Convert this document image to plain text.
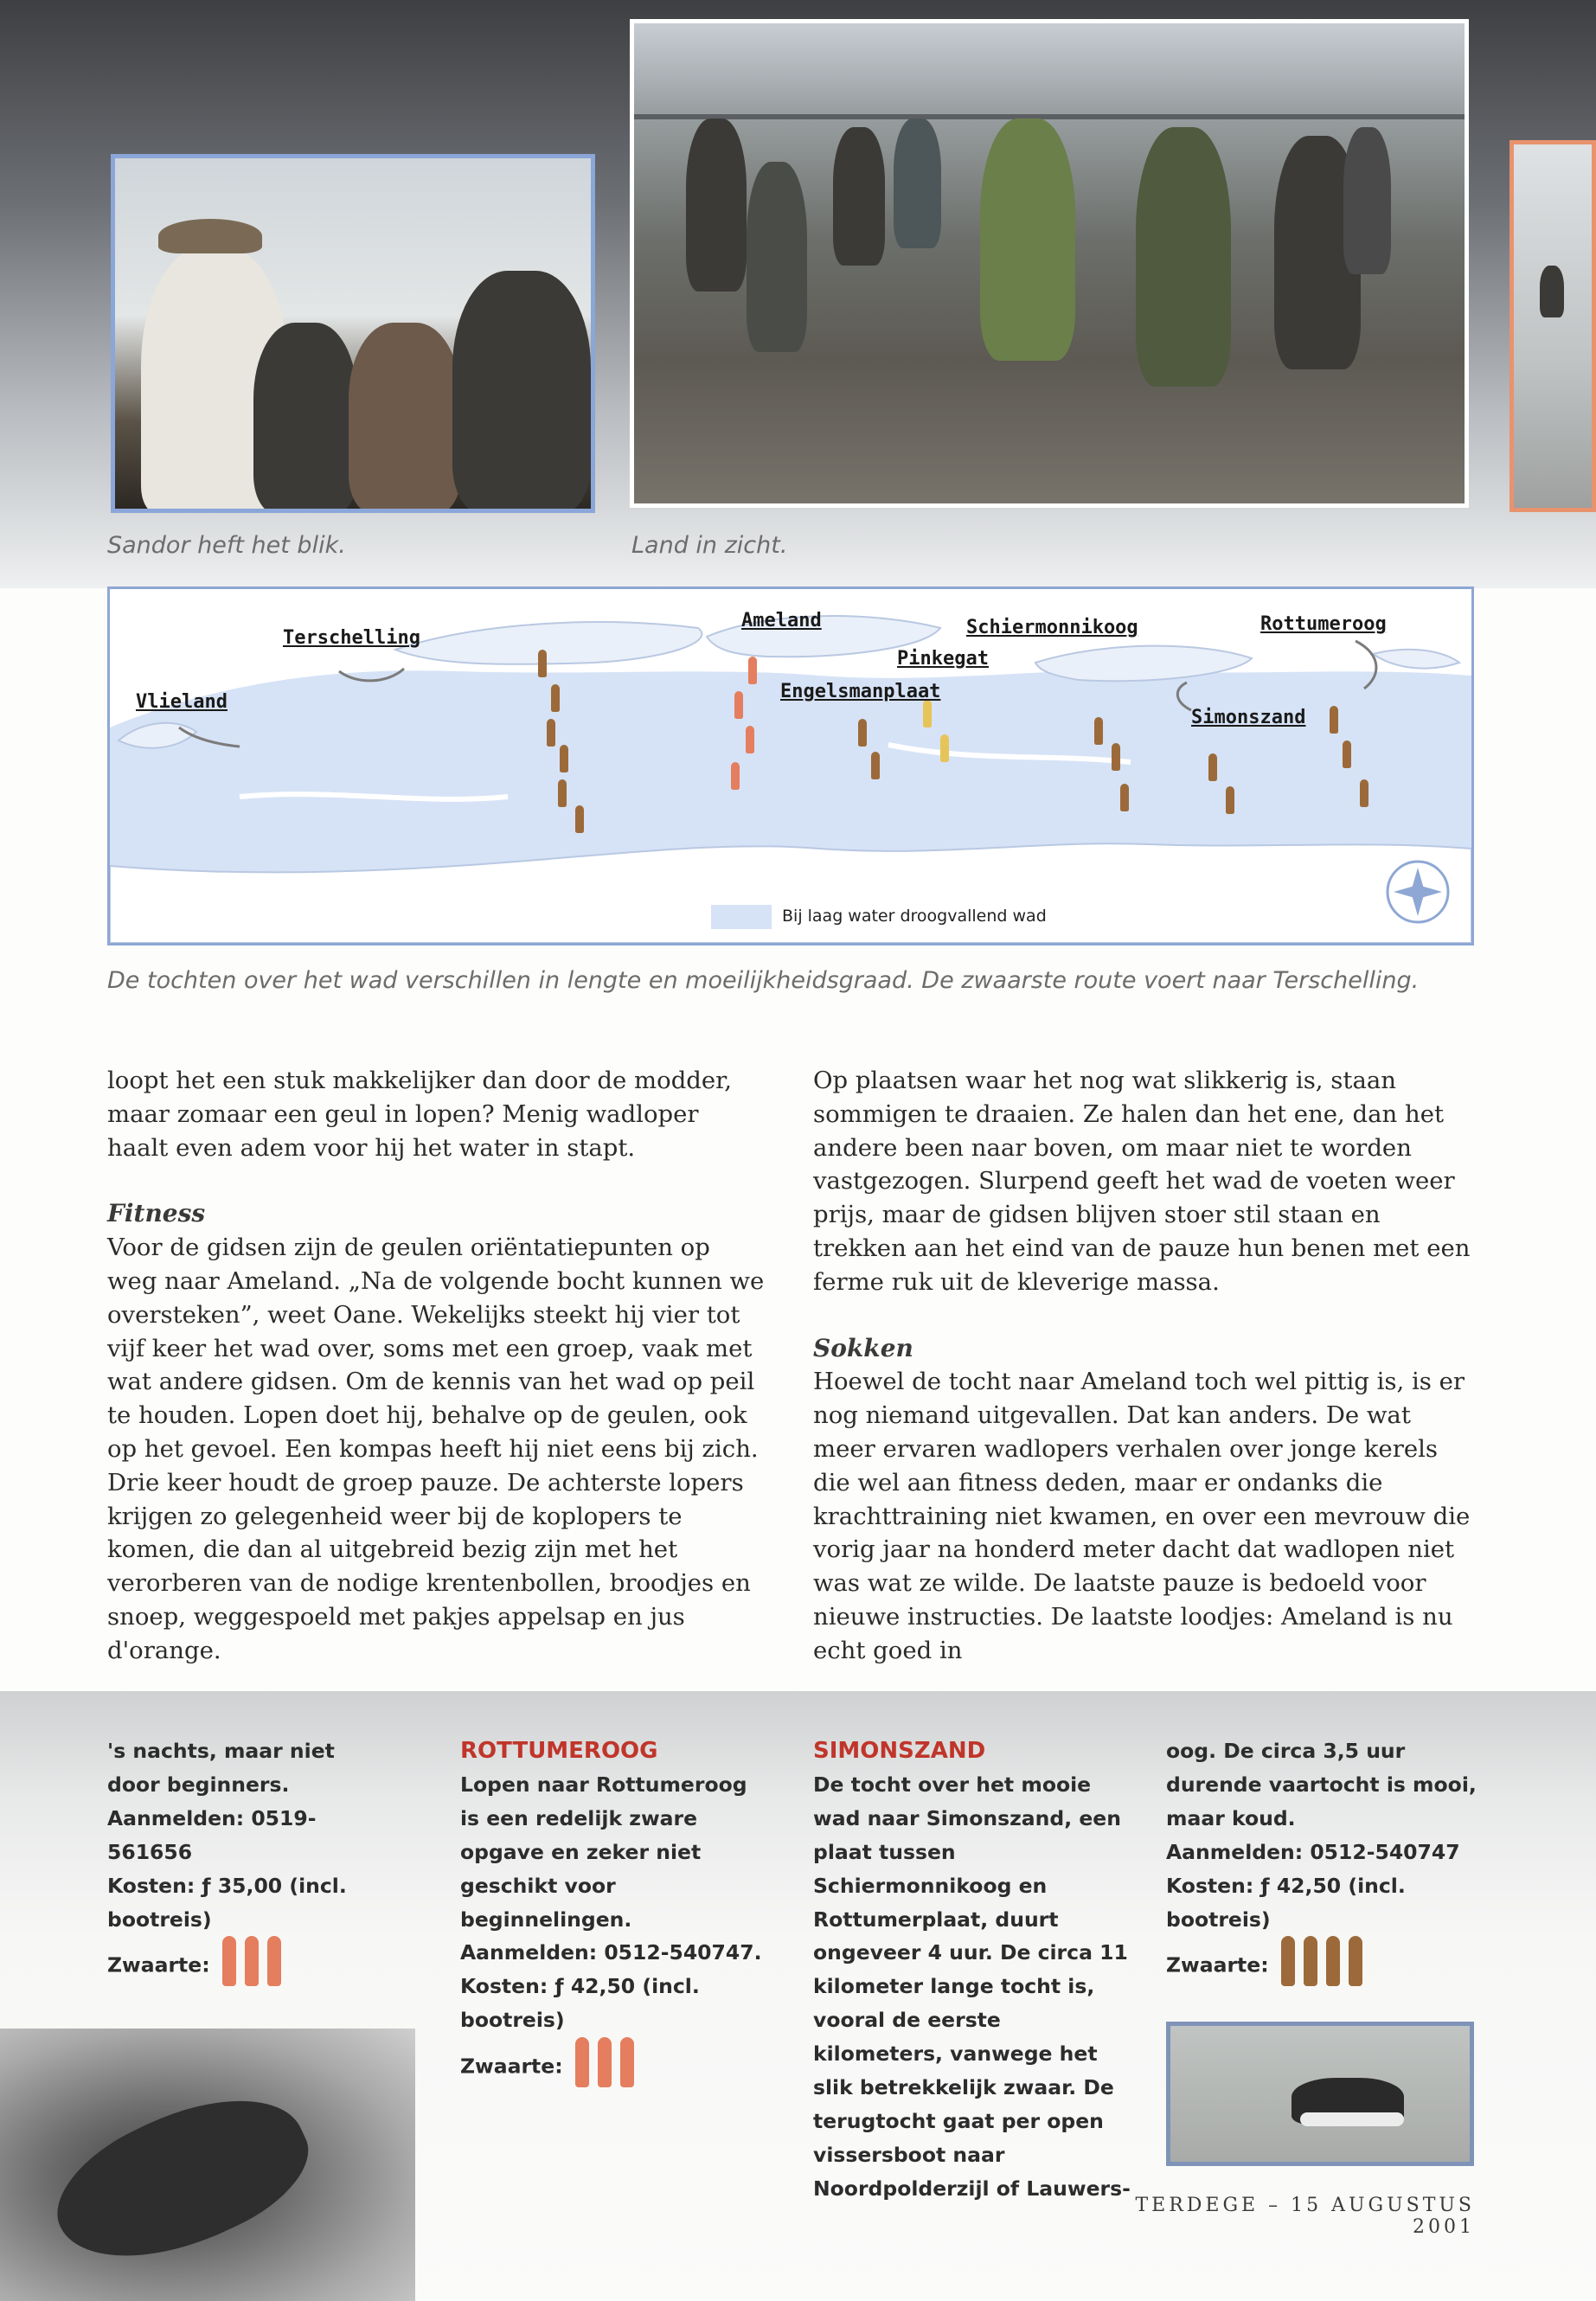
Sandor heft het blik.	Land in zicht.
Terschelling
Vlieland
Ameland
Pinkegat
Engelsmanplaat
Schiermonnikoog	Rottumeroog
Simonszand
Bij laag water droogvallend wad
De tochten over het wad verschillen in lengte en moeilijkheidsgraad. De zwaarste route voert naar Terschelling.

loopt het een stuk makkelijker dan door de modder, maar zomaar een geul in lopen? Menig wadloper haalt even adem voor hij het water in stapt.

Fitness

Voor de gidsen zijn de geulen oriëntatiepunten op weg naar Ameland. „Na de volgende bocht kunnen we oversteken”, weet Oane. Wekelijks steekt hij vier tot vijf keer het wad over, soms met een groep, vaak met wat andere gidsen. Om de kennis van het wad op peil te houden. Lopen doet hij, behalve op de geulen, ook op het gevoel. Een kompas heeft hij niet eens bij zich. Drie keer houdt de groep pauze. De achterste lopers krijgen zo gelegenheid weer bij de koplopers te komen, die dan al uitgebreid bezig zijn met het verorberen van de nodige krentenbollen, broodjes en snoep, weggespoeld met pakjes appelsap en jus d'orange.

Op plaatsen waar het nog wat slikkerig is, staan sommigen te draaien. Ze halen dan het ene, dan het andere been naar boven, om maar niet te worden vastgezogen. Slurpend geeft het wad de voeten weer prijs, maar de gidsen blijven stoer stil staan en trekken aan het eind van de pauze hun benen met een ferme ruk uit de kleverige massa.

Sokken

Hoewel de tocht naar Ameland toch wel pittig is, is er nog niemand uitgevallen. Dat kan anders. De wat meer ervaren wadlopers verhalen over jonge kerels die wel aan fitness deden, maar er ondanks die krachttraining niet kwamen, en over een mevrouw die vorig jaar na honderd meter dacht dat wadlopen niet was wat ze wilde. De laatste pauze is bedoeld voor nieuwe instructies. De laatste loodjes: Ameland is nu echt goed in

's nachts, maar niet door beginners.

Aanmelden: 0519-561656

Kosten: ƒ 35,00 (incl. bootreis)

Zwaarte:

ROTTUMEROOG

Lopen naar Rottumeroog is een redelijk zware opgave en zeker niet geschikt voor beginnelingen.

Aanmelden: 0512-540747.

Kosten: ƒ 42,50 (incl. bootreis)

Zwaarte:

SIMONSZAND

De tocht over het mooie wad naar Simonszand, een plaat tussen Schiermonnikoog en Rottumerplaat, duurt ongeveer 4 uur. De circa 11 kilometer lange tocht is, vooral de eerste kilometers, vanwege het slik betrekkelijk zwaar. De terugtocht gaat per open vissersboot naar Noordpolderzijl of Lauwers-

oog. De circa 3,5 uur durende vaartocht is mooi, maar koud.

Aanmelden: 0512-540747

Kosten: ƒ 42,50 (incl. bootreis)

Zwaarte:

TERDEGE – 15 AUGUSTUS 2001
